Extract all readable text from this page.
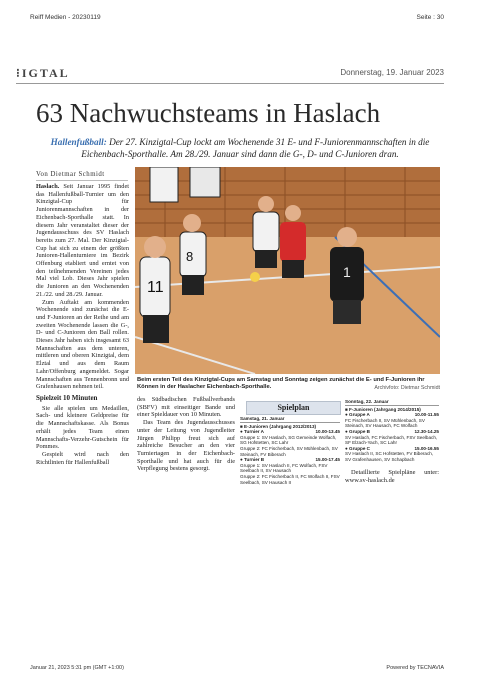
Reiff Medien - 20230119	Seite : 30
⁝IGTAL	Donnerstag, 19. Januar 2023
63 Nachwuchsteams in Haslach
Hallenfußball: Der 27. Kinzigtal-Cup lockt am Wochenende 31 E- und F-Juniorenmannschaften in die Eichenbach-Sporthalle. Am 28./29. Januar sind dann die G-, D- und C-Junioren dran.
Von Dietmar Schmidt

Haslach. Seit Januar 1995 findet das Hallenfußball-Turnier um den Kinzigtal-Cup für Juniorenmannschaften in der Eichenbach-Sporthalle statt. In diesem Jahr veranstaltet dieser der Jugendausschuss des SV Haslach bereits zum 27. Mal. Der Kinzigtal-Cup hat sich zu einem der größten Junioren-Hallenturniere im Bezirk Offenburg etabliert und erntet von den teilnehmenden Vereinen jedes Mal viel Lob. Dieses Jahr spielen die Junioren an den Wochenenden 21./22. und 28./29. Januar.

Zum Auftakt am kommenden Wochenende sind zunächst die E- und F-Junioren an der Reihe und am zweiten Wochenende lassen die G-, D- und C-Junioren den Ball rollen. Dieses Jahr haben sich insgesamt 63 Mannschaften aus dem unteren, mittleren und oberen Kinzigtal, dem Elztal und aus dem Raum Lahr/Offenburg angemeldet. Sogar Mannschaften aus Tennenbronn und Grafenhausen nehmen teil.

Spielzeit 10 Minuten

Sie alle spielen um Medaillen, Sach- und kleinere Geldpreise für die Mannschaftskasse. Als Bonus erhält jedes Team einen Mannschafts-Verzehr-Gutschein für Pommes.

Gespielt wird nach den Richtlinien für Hallenfußball

11
8
1
Beim ersten Teil des Kinzigtal-Cups am Samstag und Sonntag zeigen zunächst die E- und F-Junioren ihr Können in der Haslacher Eichenbach-Sporthalle.	Archivfoto: Dietmar Schmidt

des Südbadischen Fußballverbands (SBFV) mit einseitiger Bande und einer Spieldauer von 10 Minuten.

Das Team des Jugendausschusses unter der Leitung von Jugendleiter Jürgen Philipp freut sich auf zahlreiche Besucher an den vier Turniertagen in der Eichenbach-Sporthalle und hat auch für die Verpflegung bestens gesorgt.

Spielplan
Samstag, 21. Januar
■ E-Junioren (Jahrgang 2012/2013)
● Turnier A	10.00-13.45
Gruppe 1: SV Haslach, SG Gemeinde Wolfach, SG Hofstetten, SC Lahr
Gruppe 2: FC Fischerbach, SV Mühlenbach, SV Steinach, FV Biberach
● Turnier B	15.00-17.45
Gruppe 1: SV Haslach II, FC Wolfach, FSV Seelbach II, SV Hausach
Gruppe 2: FC Fischerbach II, FC Wolfach II, FSV Seelbach, SV Hausach II
Sonntag, 22. Januar
■ F-Junioren (Jahrgang 2014/2015)
● Gruppe A	10.00-11.55
FC Fischerbach II, SV Mühlenbach, SV Steinach, SV Hausach, FC Wolfach
● Gruppe B	12.30-14.25
SV Haslach, FC Fischerbach, FSV Seelbach, SF Elzach-Yach, SC Lahr
● Gruppe C	15.00-16.55
SV Haslach II, SC Hofstetten, FV Biberach, SV Grafenhausen, SV Schapbach

Detaillierte Spielpläne unter: www.sv-haslach.de

Januar 21, 2023 5:31 pm (GMT +1:00)	Powered by TECNAVIA
